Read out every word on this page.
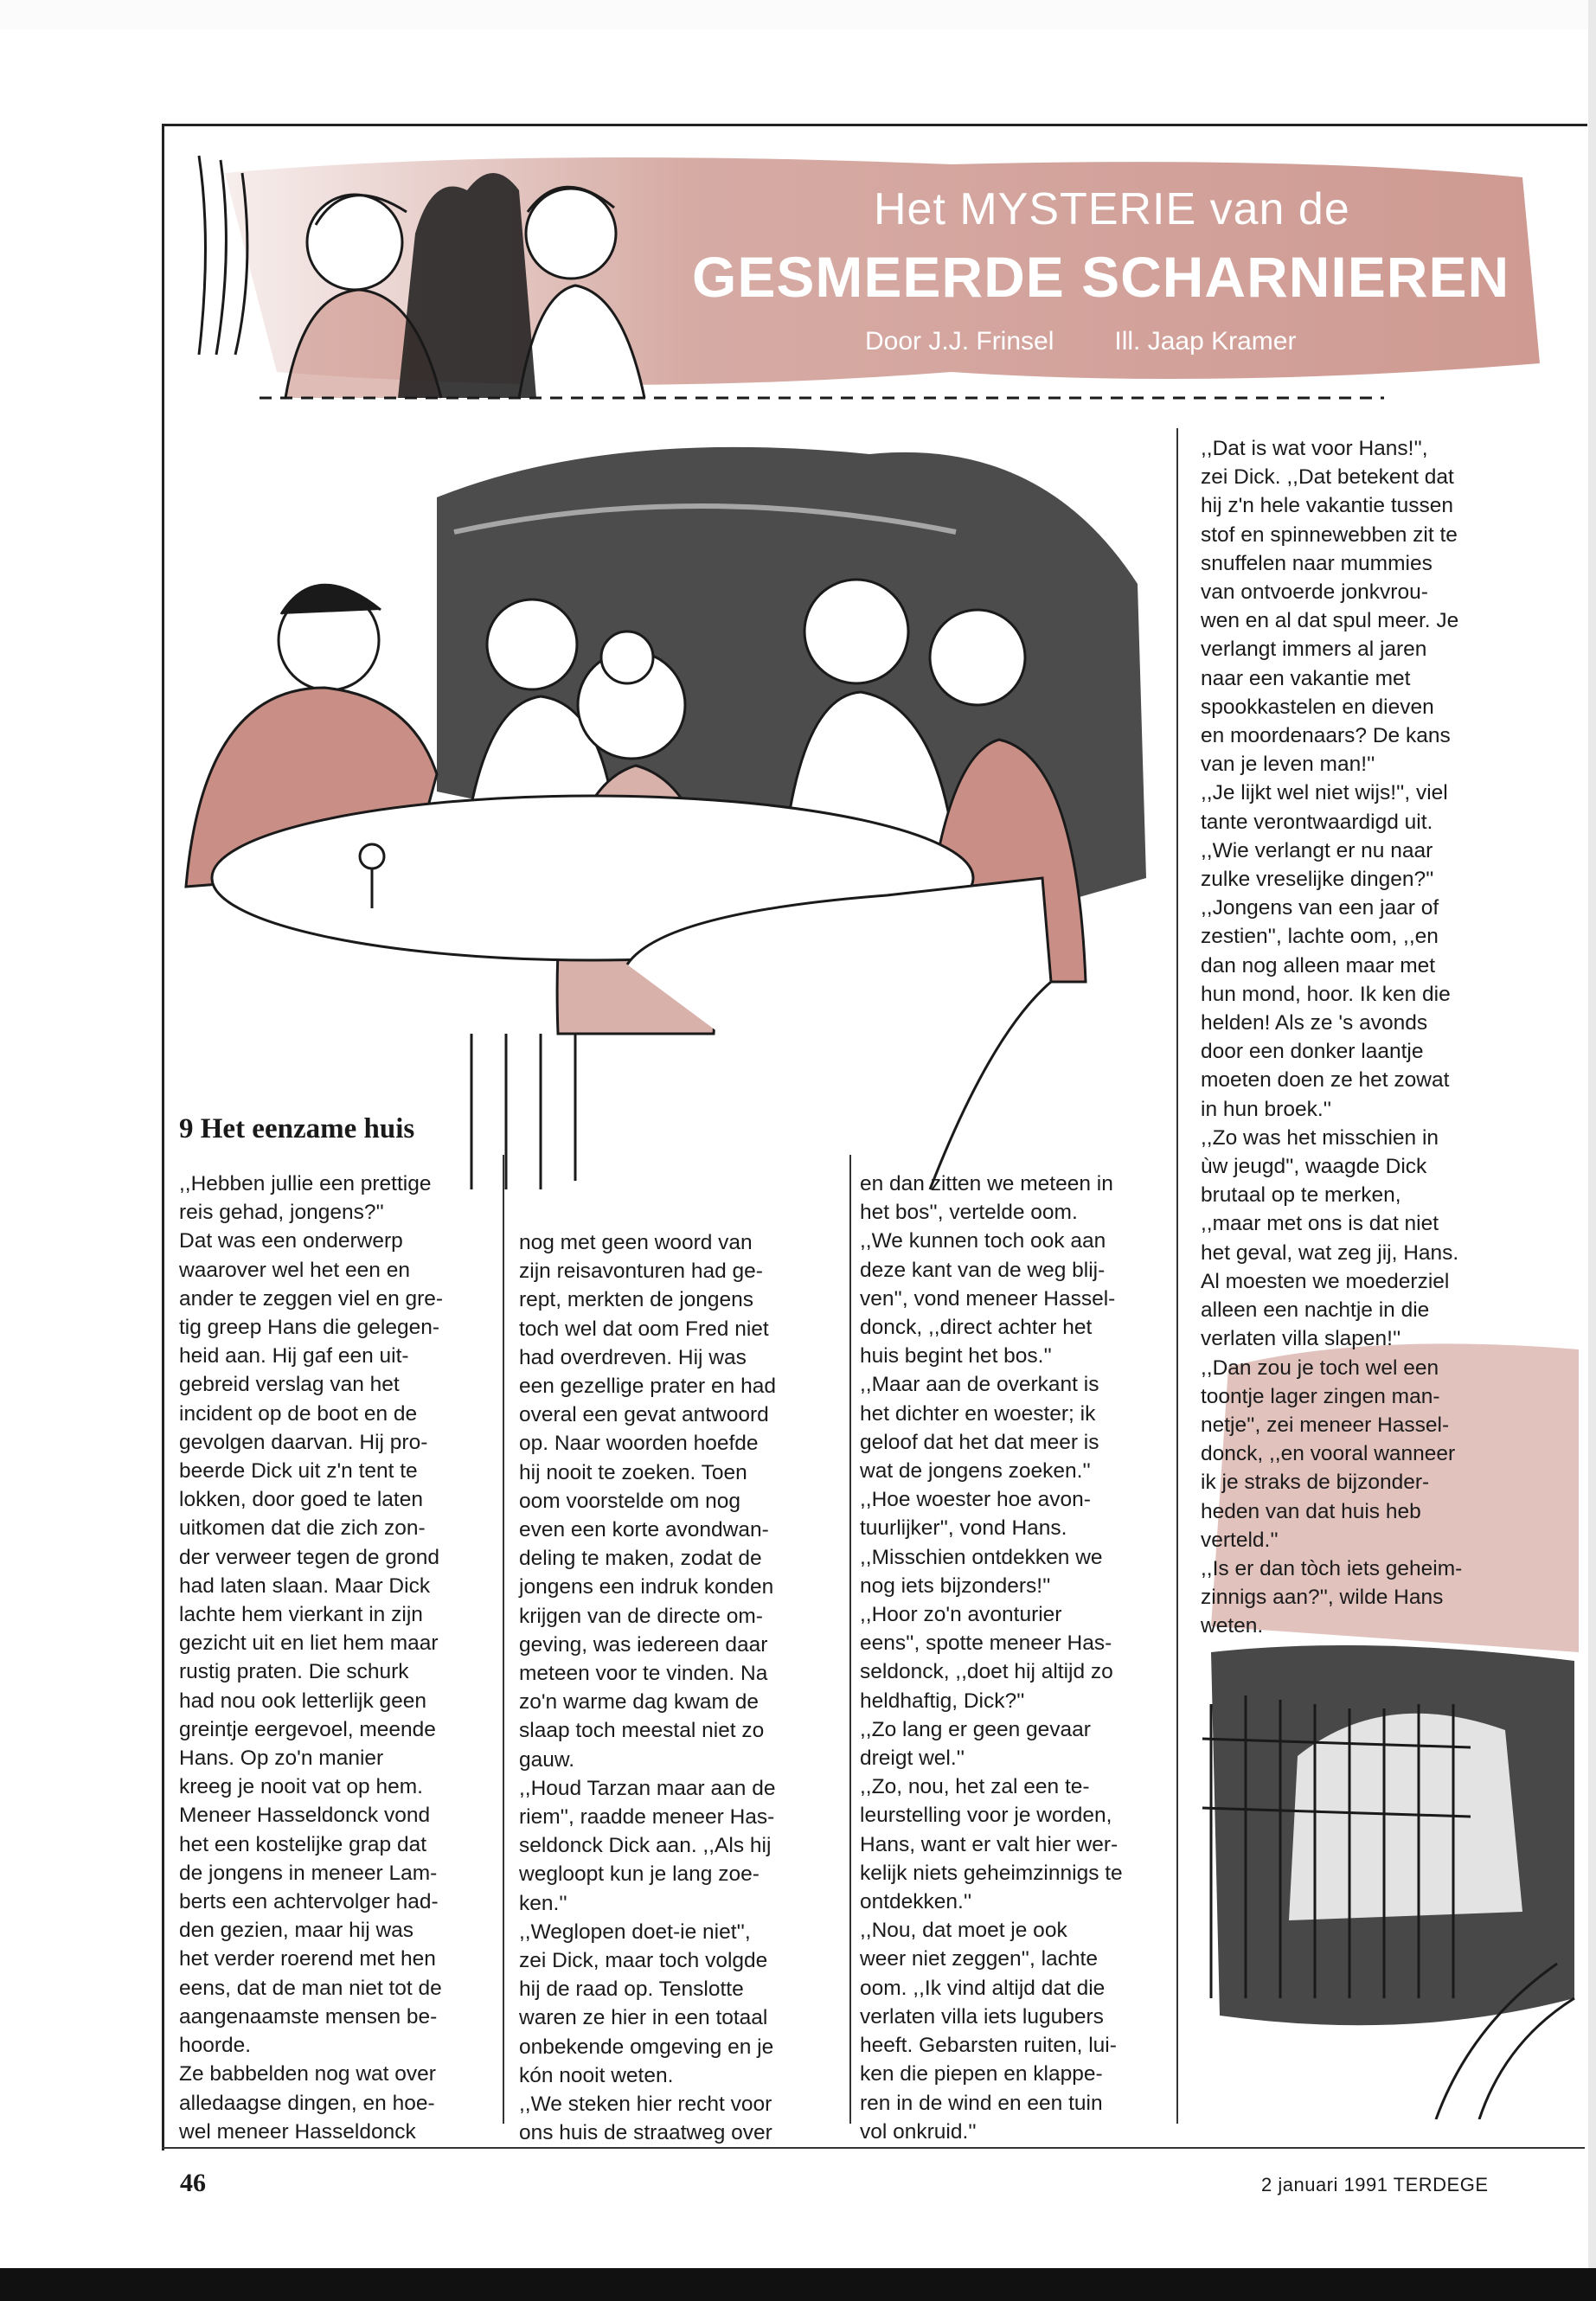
Het MYSTERIE van de
GESMEERDE SCHARNIEREN
Door J.J. Frinsel Ill. Jaap Kramer
9 Het eenzame huis

,,Hebben jullie een prettige
reis gehad, jongens?''
Dat was een onderwerp
waarover wel het een en
ander te zeggen viel en gre-
tig greep Hans die gelegen-
heid aan. Hij gaf een uit-
gebreid verslag van het
incident op de boot en de
gevolgen daarvan. Hij pro-
beerde Dick uit z'n tent te
lokken, door goed te laten
uitkomen dat die zich zon-
der verweer tegen de grond
had laten slaan. Maar Dick
lachte hem vierkant in zijn
gezicht uit en liet hem maar
rustig praten. Die schurk
had nou ook letterlijk geen
greintje eergevoel, meende
Hans. Op zo'n manier
kreeg je nooit vat op hem.
Meneer Hasseldonck vond
het een kostelijke grap dat
de jongens in meneer Lam-
berts een achtervolger had-
den gezien, maar hij was
het verder roerend met hen
eens, dat de man niet tot de
aangenaamste mensen be-
hoorde.
Ze babbelden nog wat over
alledaagse dingen, en hoe-
wel meneer Hasseldonck

nog met geen woord van
zijn reisavonturen had ge-
rept, merkten de jongens
toch wel dat oom Fred niet
had overdreven. Hij was
een gezellige prater en had
overal een gevat antwoord
op. Naar woorden hoefde
hij nooit te zoeken. Toen
oom voorstelde om nog
even een korte avondwan-
deling te maken, zodat de
jongens een indruk konden
krijgen van de directe om-
geving, was iedereen daar
meteen voor te vinden. Na
zo'n warme dag kwam de
slaap toch meestal niet zo
gauw.
,,Houd Tarzan maar aan de
riem'', raadde meneer Has-
seldonck Dick aan. ,,Als hij
wegloopt kun je lang zoe-
ken.''
,,Weglopen doet-ie niet'',
zei Dick, maar toch volgde
hij de raad op. Tenslotte
waren ze hier in een totaal
onbekende omgeving en je
kón nooit weten.
,,We steken hier recht voor
ons huis de straatweg over

en dan zitten we meteen in
het bos'', vertelde oom.
,,We kunnen toch ook aan
deze kant van de weg blij-
ven'', vond meneer Hassel-
donck, ,,direct achter het
huis begint het bos.''
,,Maar aan de overkant is
het dichter en woester; ik
geloof dat het dat meer is
wat de jongens zoeken.''
,,Hoe woester hoe avon-
tuurlijker'', vond Hans.
,,Misschien ontdekken we
nog iets bijzonders!''
,,Hoor zo'n avonturier
eens'', spotte meneer Has-
seldonck, ,,doet hij altijd zo
heldhaftig, Dick?''
,,Zo lang er geen gevaar
dreigt wel.''
,,Zo, nou, het zal een te-
leurstelling voor je worden,
Hans, want er valt hier wer-
kelijk niets geheimzinnigs te
ontdekken.''
,,Nou, dat moet je ook
weer niet zeggen'', lachte
oom. ,,Ik vind altijd dat die
verlaten villa iets lugubers
heeft. Gebarsten ruiten, lui-
ken die piepen en klappe-
ren in de wind en een tuin
vol onkruid.''

,,Dat is wat voor Hans!'',
zei Dick. ,,Dat betekent dat
hij z'n hele vakantie tussen
stof en spinnewebben zit te
snuffelen naar mummies
van ontvoerde jonkvrou-
wen en al dat spul meer. Je
verlangt immers al jaren
naar een vakantie met
spookkastelen en dieven
en moordenaars? De kans
van je leven man!''
,,Je lijkt wel niet wijs!'', viel
tante verontwaardigd uit.
,,Wie verlangt er nu naar
zulke vreselijke dingen?''
,,Jongens van een jaar of
zestien'', lachte oom, ,,en
dan nog alleen maar met
hun mond, hoor. Ik ken die
helden! Als ze 's avonds
door een donker laantje
moeten doen ze het zowat
in hun broek.''
,,Zo was het misschien in
ùw jeugd'', waagde Dick
brutaal op te merken,
,,maar met ons is dat niet
het geval, wat zeg jij, Hans.
Al moesten we moederziel
alleen een nachtje in die
verlaten villa slapen!''
,,Dan zou je toch wel een
toontje lager zingen man-
netje'', zei meneer Hassel-
donck, ,,en vooral wanneer
ik je straks de bijzonder-
heden van dat huis heb
verteld.''
,,Is er dan tòch iets geheim-
zinnigs aan?'', wilde Hans
weten.

46	2 januari 1991 TERDEGE
